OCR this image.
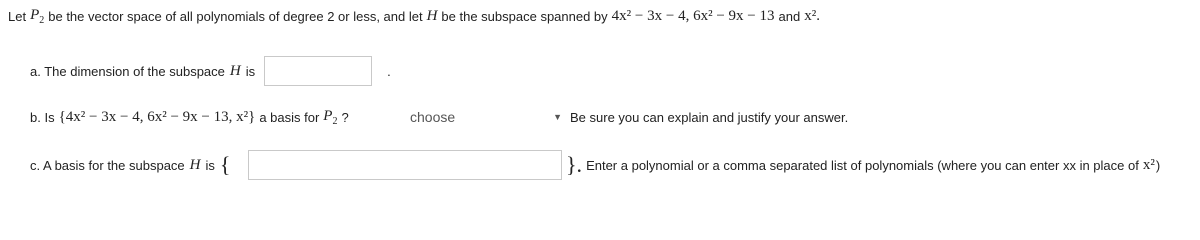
Let $P_2$ be the vector space of all polynomials of degree 2 or less, and let H be the subspace spanned by 4x² − 3x − 4, 6x² − 9x − 13 and x².
a. The dimension of the subspace H is	.
b. Is {4x² − 3x − 4, 6x² − 9x − 13, x²} a basis for $P_2$ ?	choose	▼ Be sure you can explain and justify your answer.
c. A basis for the subspace H is {	}. Enter a polynomial or a comma separated list of polynomials (where you can enter xx in place of x² )
